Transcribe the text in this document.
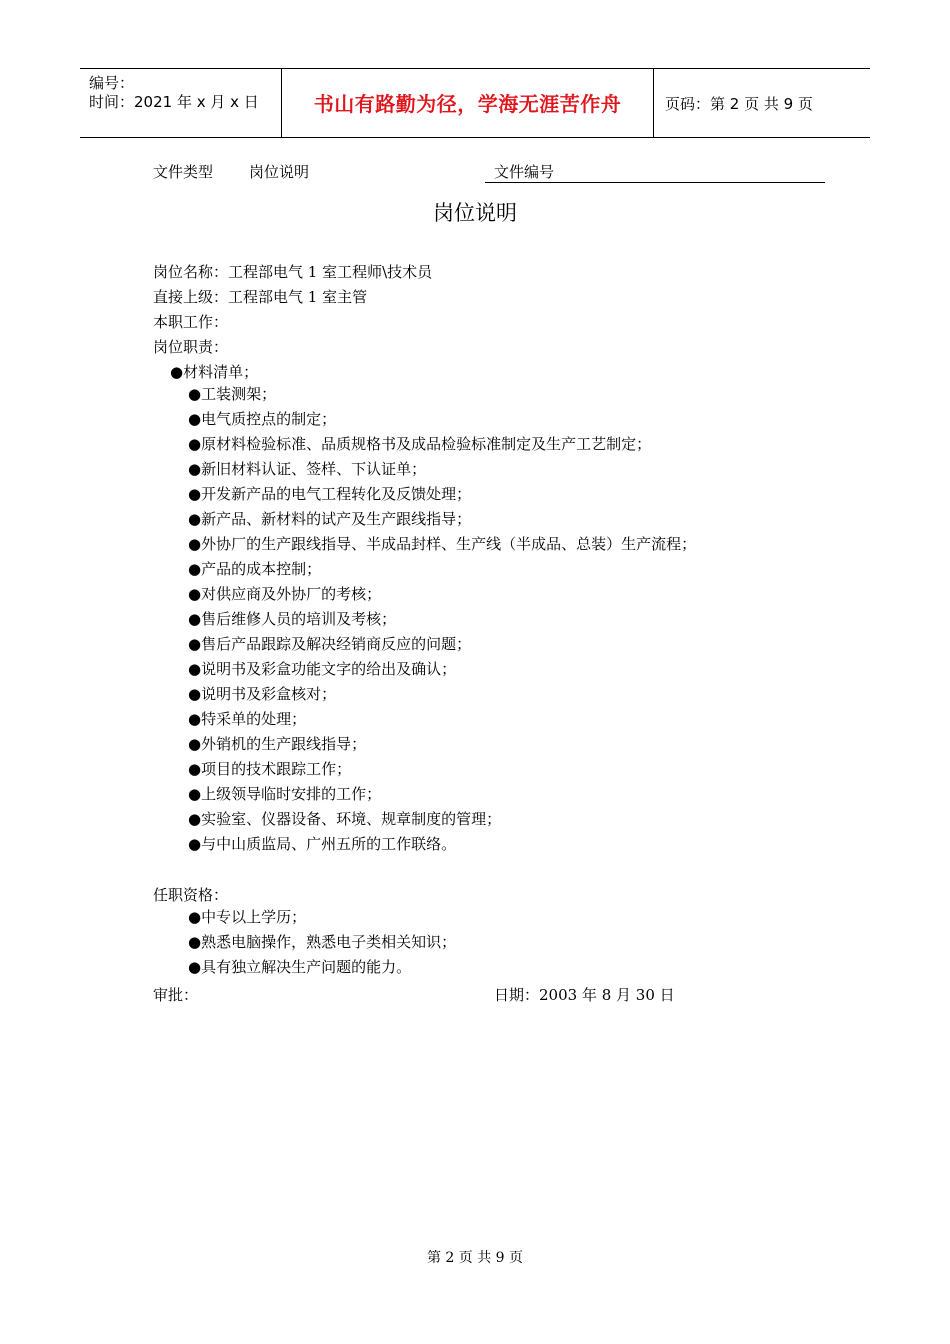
编号：
时间：2021 年 x 月 x 日	书山有路勤为径，学海无涯苦作舟	页码：第 2 页 共 9 页
文件类型 岗位说明	文件编号
岗位说明
岗位名称：工程部电气 1 室工程师\技术员
直接上级：工程部电气 1 室主管
本职工作：
岗位职责：
●材料清单；
●工装测架；
●电气质控点的制定；
●原材料检验标准、品质规格书及成品检验标准制定及生产工艺制定；
●新旧材料认证、签样、下认证单；
●开发新产品的电气工程转化及反馈处理；
●新产品、新材料的试产及生产跟线指导；
●外协厂的生产跟线指导、半成品封样、生产线（半成品、总装）生产流程；
●产品的成本控制；
●对供应商及外协厂的考核；
●售后维修人员的培训及考核；
●售后产品跟踪及解决经销商反应的问题；
●说明书及彩盒功能文字的给出及确认；
●说明书及彩盒核对；
●特采单的处理；
●外销机的生产跟线指导；
●项目的技术跟踪工作；
●上级领导临时安排的工作；
●实验室、仪器设备、环境、规章制度的管理；
●与中山质监局、广州五所的工作联络。
任职资格：
●中专以上学历；
●熟悉电脑操作，熟悉电子类相关知识；
●具有独立解决生产问题的能力。
审批：	日期：2003 年 8 月 30 日
第 2 页 共 9 页
